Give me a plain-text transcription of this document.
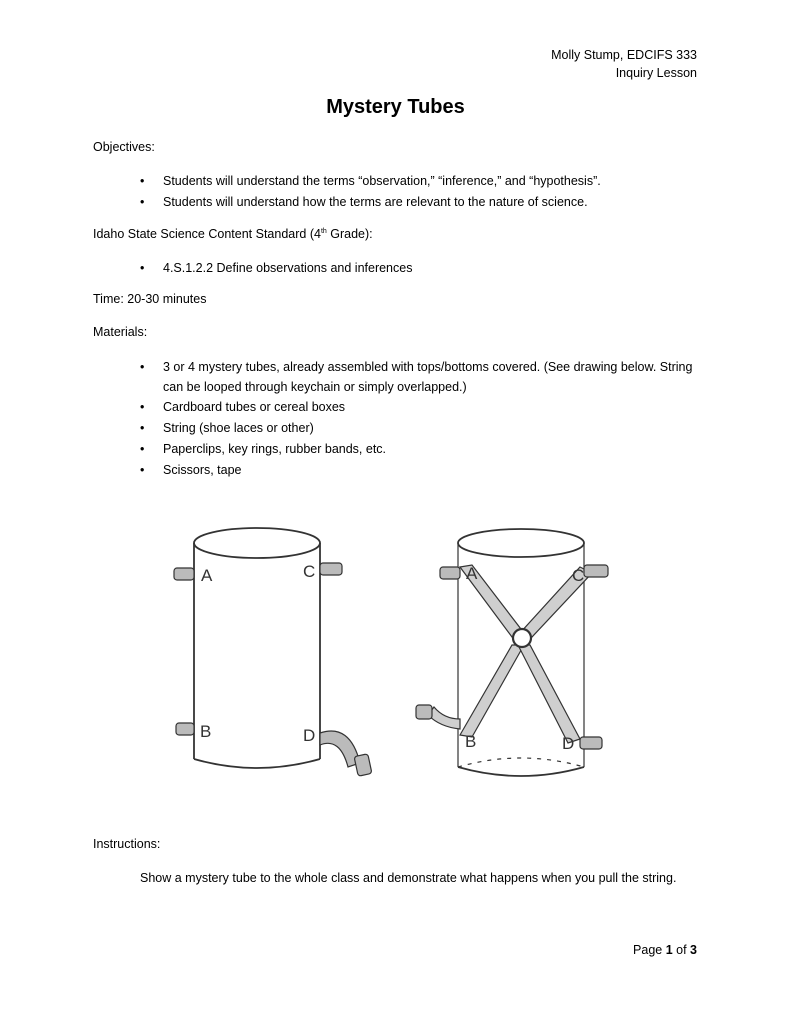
Molly Stump, EDCIFS 333
Inquiry Lesson
Mystery Tubes
Objectives:
• Students will understand the terms “observation,” “inference,” and “hypothesis”.
• Students will understand how the terms are relevant to the nature of science.
Idaho State Science Content Standard (4th Grade):
• 4.S.1.2.2 Define observations and inferences
Time: 20-30 minutes
Materials:
• 3 or 4 mystery tubes, already assembled with tops/bottoms covered. (See drawing below. String can be looped through keychain or simply overlapped.)
• Cardboard tubes or cereal boxes
• String (shoe laces or other)
• Paperclips, key rings, rubber bands, etc.
• Scissors, tape
A	C
B	D
A	C
B	D
Instructions:
Show a mystery tube to the whole class and demonstrate what happens when you pull the string.
Page 1 of 3
